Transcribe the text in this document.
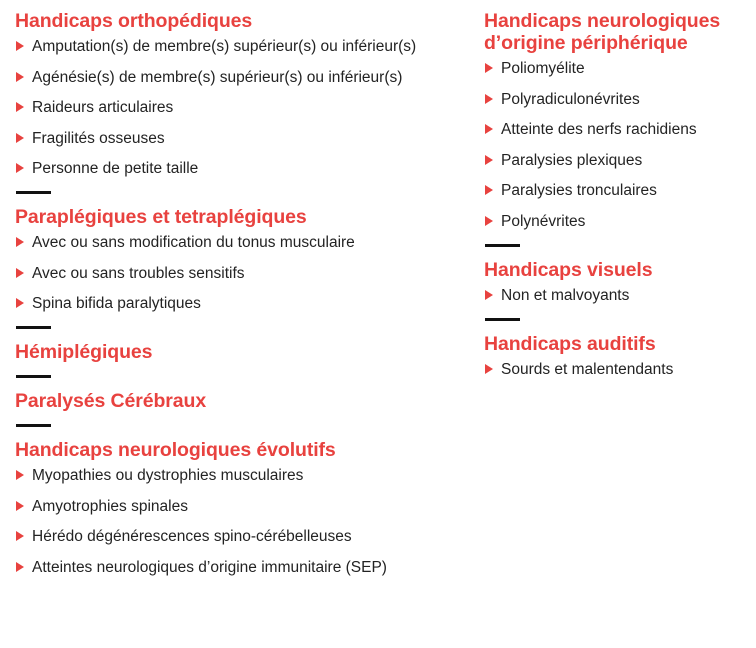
Handicaps orthopédiques
Amputation(s) de membre(s) supérieur(s) ou inférieur(s)
Agénésie(s) de membre(s) supérieur(s) ou inférieur(s)
Raideurs articulaires
Fragilités osseuses
Personne de petite taille
Paraplégiques et tetraplégiques
Avec ou sans modification du tonus musculaire
Avec ou sans troubles sensitifs
Spina bifida paralytiques
Hémiplégiques
Paralysés Cérébraux
Handicaps neurologiques évolutifs
Myopathies ou dystrophies musculaires
Amyotrophies spinales
Hérédo dégénérescences spino-cérébelleuses
Atteintes neurologiques d’origine immunitaire (SEP)
Handicaps neurologiques d’origine périphérique
Poliomyélite
Polyradiculonévrites
Atteinte des nerfs rachidiens
Paralysies plexiques
Paralysies tronculaires
Polynévrites
Handicaps visuels
Non et malvoyants
Handicaps auditifs
Sourds et malentendants
